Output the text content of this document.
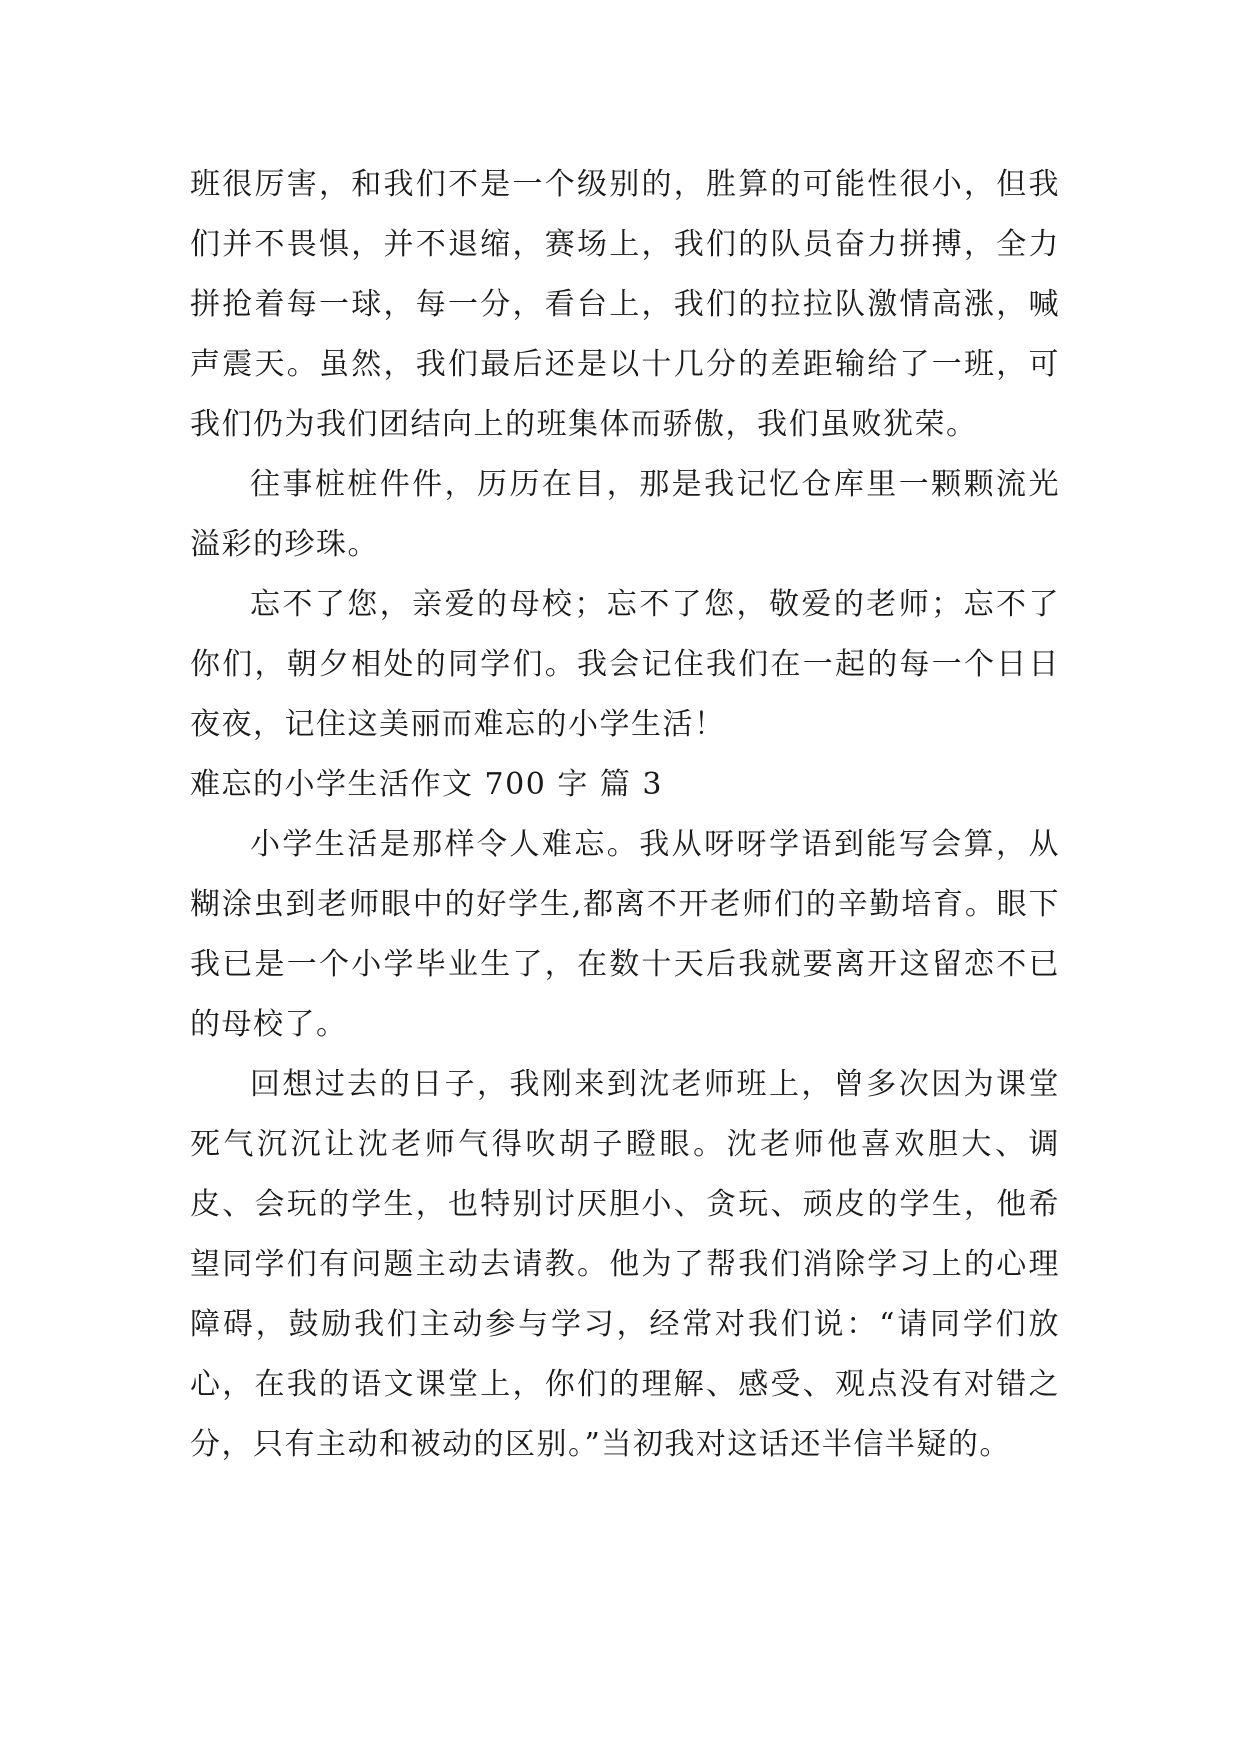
班很厉害，和我们不是一个级别的，胜算的可能性很小，但我们并不畏惧，并不退缩，赛场上，我们的队员奋力拼搏，全力拼抢着每一球，每一分，看台上，我们的拉拉队激情高涨，喊声震天。虽然，我们最后还是以十几分的差距输给了一班，可我们仍为我们团结向上的班集体而骄傲，我们虽败犹荣。

往事桩桩件件，历历在目，那是我记忆仓库里一颗颗流光溢彩的珍珠。

忘不了您，亲爱的母校；忘不了您，敬爱的老师；忘不了你们，朝夕相处的同学们。我会记住我们在一起的每一个日日夜夜，记住这美丽而难忘的小学生活！

难忘的小学生活作文 700 字 篇 3

小学生活是那样令人难忘。我从呀呀学语到能写会算，从糊涂虫到老师眼中的好学生,都离不开老师们的辛勤培育。眼下我已是一个小学毕业生了，在数十天后我就要离开这留恋不已的母校了。

回想过去的日子，我刚来到沈老师班上，曾多次因为课堂死气沉沉让沈老师气得吹胡子瞪眼。沈老师他喜欢胆大、调皮、会玩的学生，也特别讨厌胆小、贪玩、顽皮的学生，他希望同学们有问题主动去请教。他为了帮我们消除学习上的心理障碍，鼓励我们主动参与学习，经常对我们说：“请同学们放心，在我的语文课堂上，你们的理解、感受、观点没有对错之分，只有主动和被动的区别。”当初我对这话还半信半疑的。
